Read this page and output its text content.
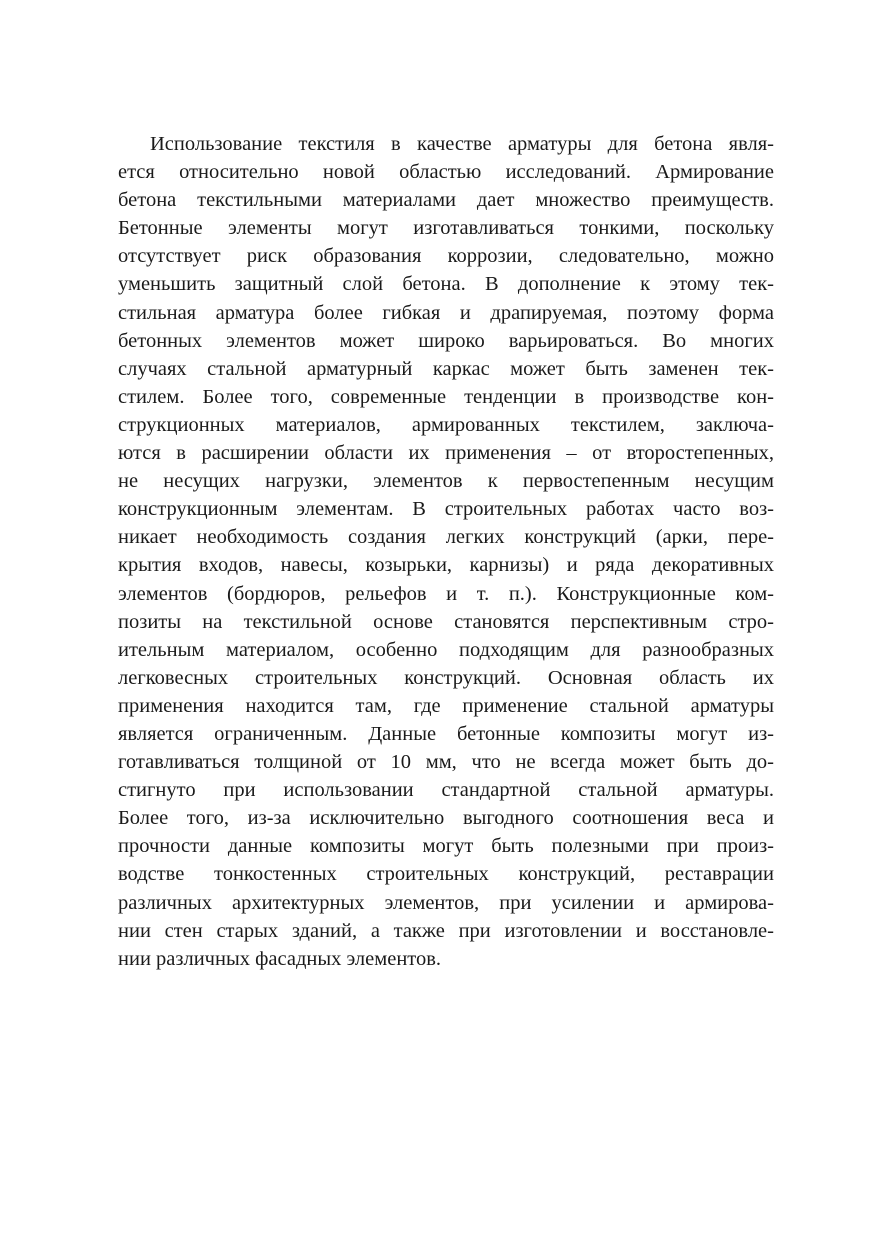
Использование текстиля в качестве арматуры для бетона явля-
ется относительно новой областью исследований. Армирование
бетона текстильными материалами дает множество преимуществ.
Бетонные элементы могут изготавливаться тонкими, поскольку
отсутствует риск образования коррозии, следовательно, можно
уменьшить защитный слой бетона. В дополнение к этому тек-
стильная арматура более гибкая и драпируемая, поэтому форма
бетонных элементов может широко варьироваться. Во многих
случаях стальной арматурный каркас может быть заменен тек-
стилем. Более того, современные тенденции в производстве кон-
струкционных материалов, армированных текстилем, заключа-
ются в расширении области их применения – от второстепенных,
не несущих нагрузки, элементов к первостепенным несущим
конструкционным элементам. В строительных работах часто воз-
никает необходимость создания легких конструкций (арки, пере-
крытия входов, навесы, козырьки, карнизы) и ряда декоративных
элементов (бордюров, рельефов и т. п.). Конструкционные ком-
позиты на текстильной основе становятся перспективным стро-
ительным материалом, особенно подходящим для разнообразных
легковесных строительных конструкций. Основная область их
применения находится там, где применение стальной арматуры
является ограниченным. Данные бетонные композиты могут из-
готавливаться толщиной от 10 мм, что не всегда может быть до-
стигнуто при использовании стандартной стальной арматуры.
Более того, из-за исключительно выгодного соотношения веса и
прочности данные композиты могут быть полезными при произ-
водстве тонкостенных строительных конструкций, реставрации
различных архитектурных элементов, при усилении и армирова-
нии стен старых зданий, а также при изготовлении и восстановле-
нии различных фасадных элементов.
